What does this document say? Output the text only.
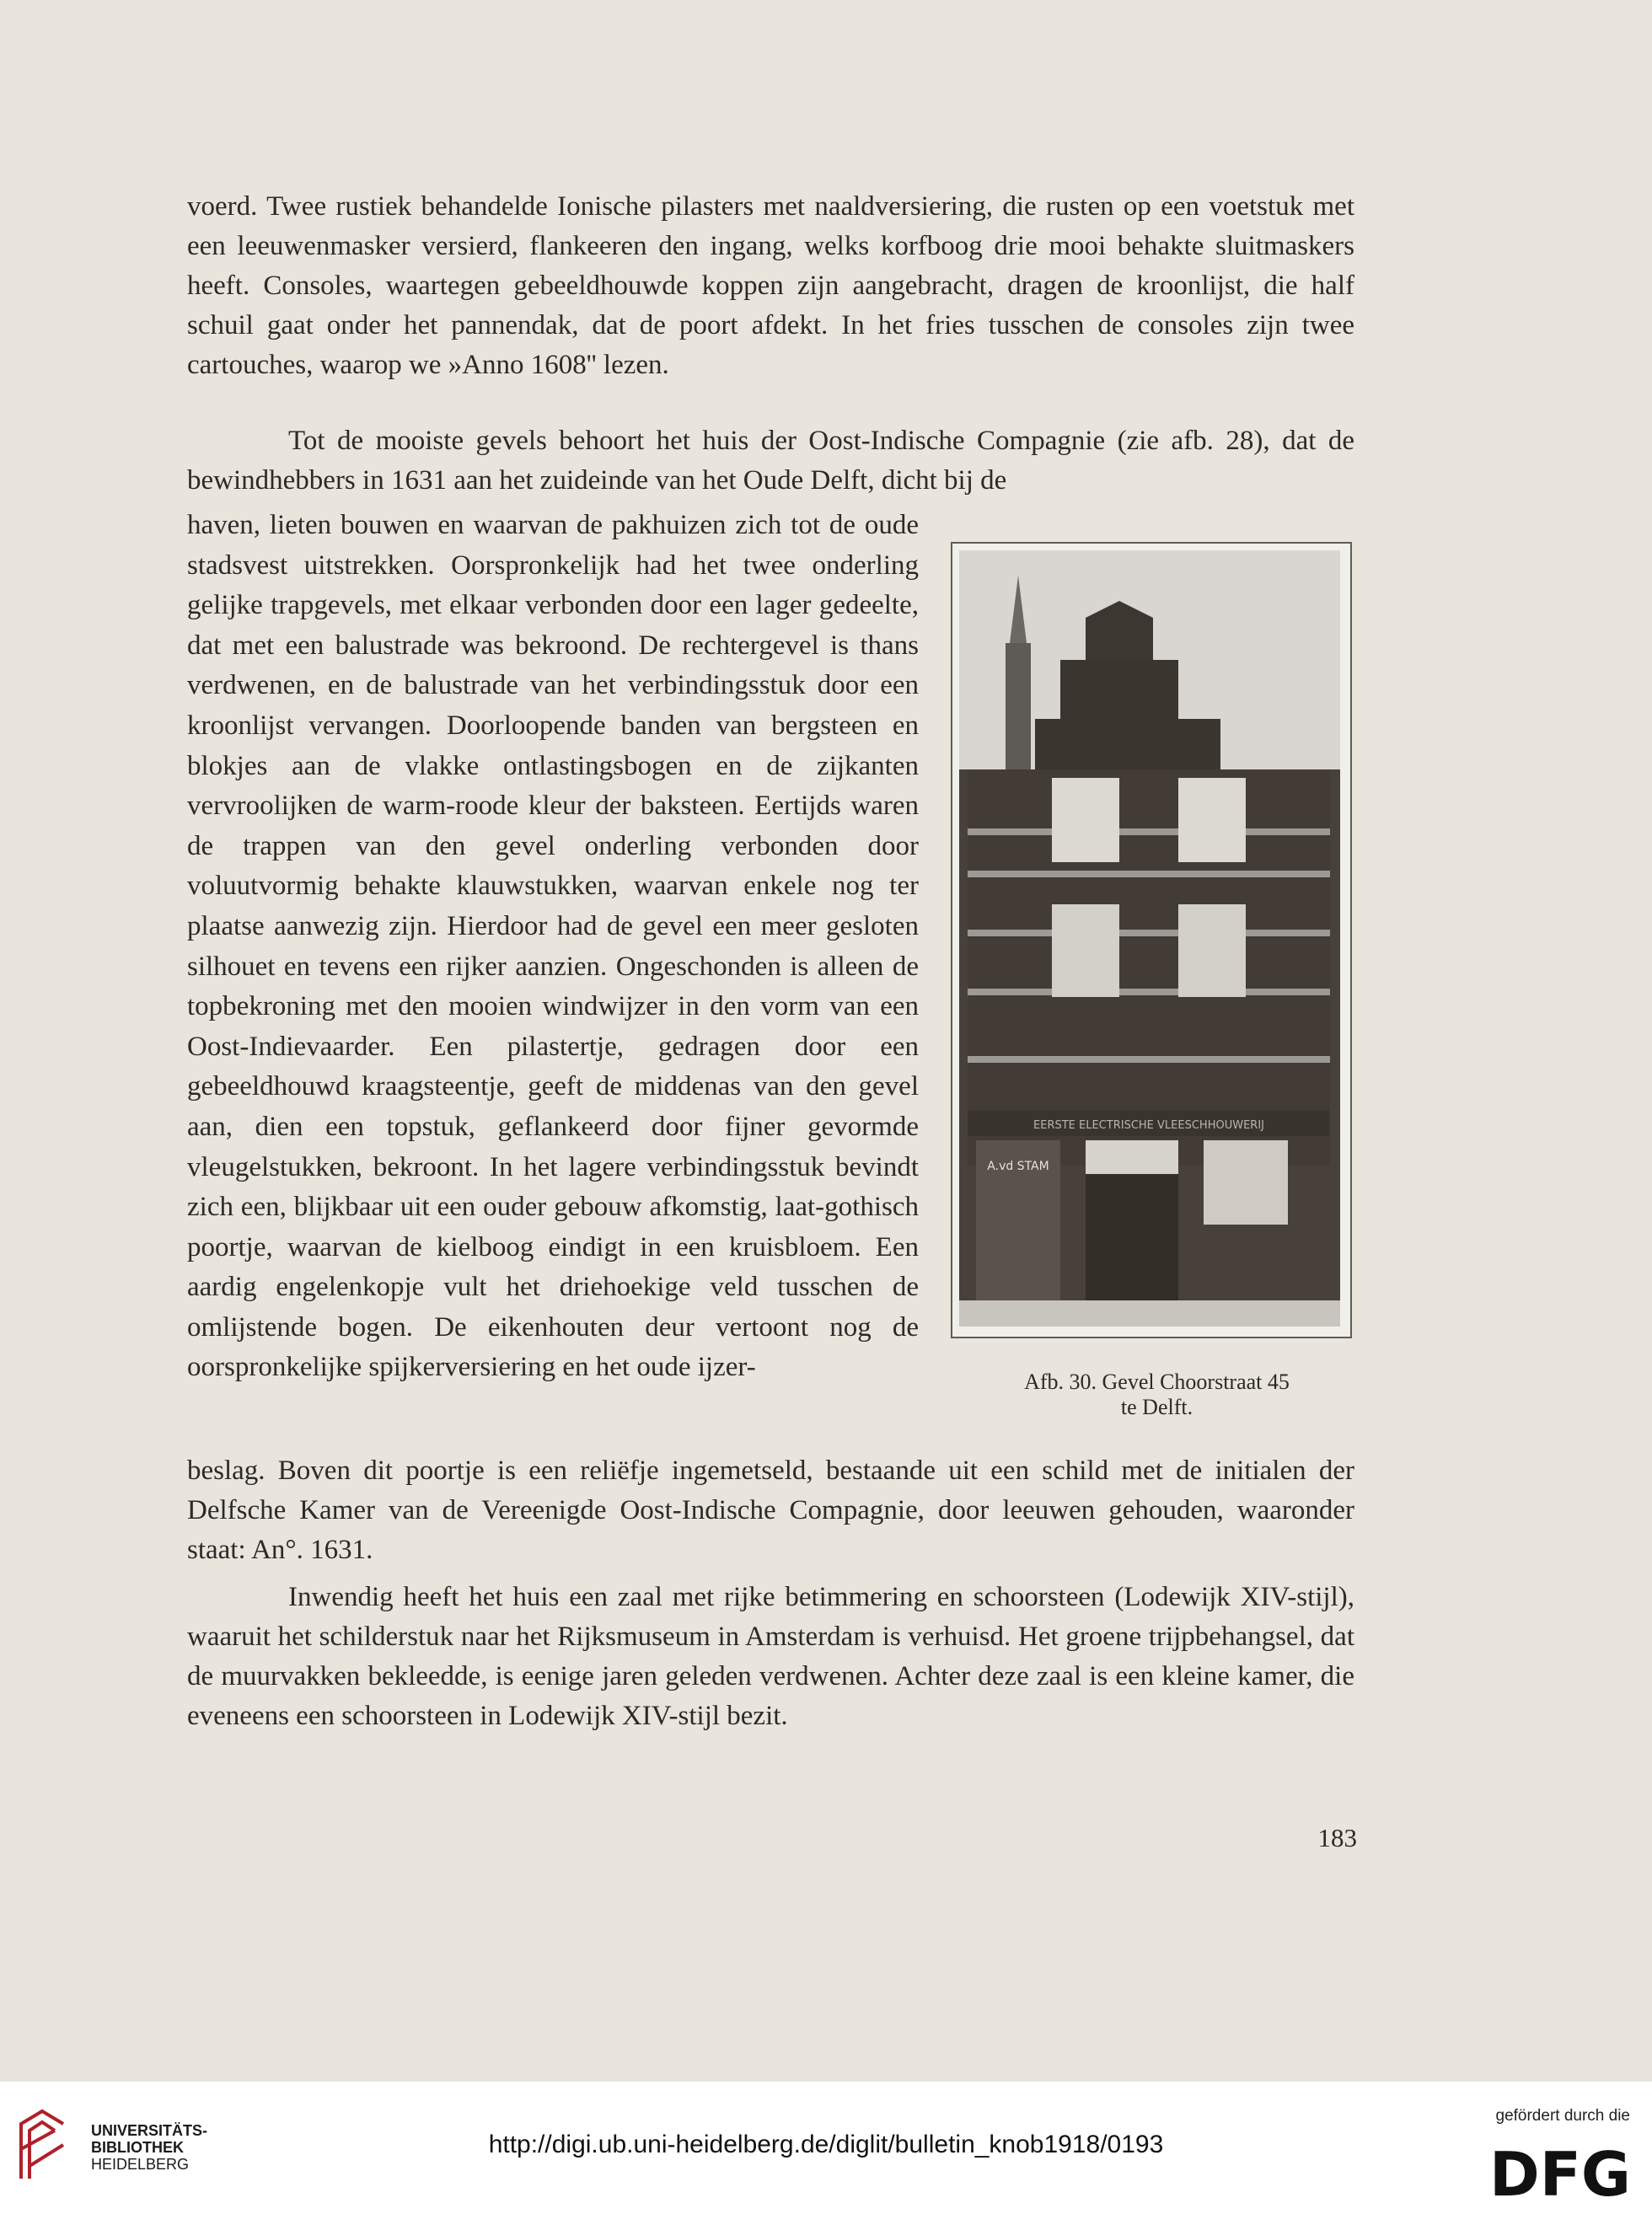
voerd. Twee rustiek behandelde Ionische pilasters met naaldversiering, die rusten op een voetstuk met een leeuwenmasker versierd, flankeeren den ingang, welks korfboog drie mooi behakte sluitmaskers heeft. Consoles, waartegen gebeeldhouwde koppen zijn aangebracht, dragen de kroonlijst, die half schuil gaat onder het pannendak, dat de poort afdekt. In het fries tusschen de consoles zijn twee cartouches, waarop we »Anno 1608'' lezen.

Tot de mooiste gevels behoort het huis der Oost-Indische Compagnie (zie afb. 28), dat de bewindhebbers in 1631 aan het zuideinde van het Oude Delft, dicht bij de

haven, lieten bouwen en waarvan de pakhuizen zich tot de oude stadsvest uitstrekken. Oorspronkelijk had het twee onderling gelijke trapgevels, met elkaar verbonden door een lager gedeelte, dat met een balustrade was bekroond. De rechtergevel is thans verdwenen, en de balustrade van het verbindingsstuk door een kroonlijst vervangen. Doorloopende banden van bergsteen en blokjes aan de vlakke ontlastingsbogen en de zijkanten vervroolijken de warm-roode kleur der baksteen. Eertijds waren de trappen van den gevel onderling verbonden door voluutvormig behakte klauwstukken, waarvan enkele nog ter plaatse aanwezig zijn. Hierdoor had de gevel een meer gesloten silhouet en tevens een rijker aanzien. Ongeschonden is alleen de topbekroning met den mooien windwijzer in den vorm van een Oost-Indievaarder. Een pilastertje, gedragen door een gebeeldhouwd kraagsteentje, geeft de middenas van den gevel aan, dien een topstuk, geflankeerd door fijner gevormde vleugelstukken, bekroont. In het lagere verbindingsstuk bevindt zich een, blijkbaar uit een ouder gebouw afkomstig, laat-gothisch poortje, waarvan de kielboog eindigt in een kruisbloem. Een aardig engelenkopje vult het driehoekige veld tusschen de omlijstende bogen. De eikenhouten deur vertoont nog de oorspronkelijke spijkerversiering en het oude ijzer-

beslag. Boven dit poortje is een reliëfje ingemetseld, bestaande uit een schild met de initialen der Delfsche Kamer van de Vereenigde Oost-Indische Compagnie, door leeuwen gehouden, waaronder staat: An°. 1631.

Inwendig heeft het huis een zaal met rijke betimmering en schoorsteen (Lodewijk XIV-stijl), waaruit het schilderstuk naar het Rijksmuseum in Amsterdam is verhuisd. Het groene trijpbehangsel, dat de muurvakken bekleedde, is eenige jaren geleden verdwenen. Achter deze zaal is een kleine kamer, die eveneens een schoorsteen in Lodewijk XIV-stijl bezit.

EERSTE ELECTRISCHE VLEESCHHOUWERIJ
A.vd STAM
Afb. 30. Gevel Choorstraat 45
te Delft.
183
UNIVERSITÄTS-
BIBLIOTHEK
HEIDELBERG
http://digi.ub.uni-heidelberg.de/diglit/bulletin_knob1918/0193
gefördert durch die
DFG
